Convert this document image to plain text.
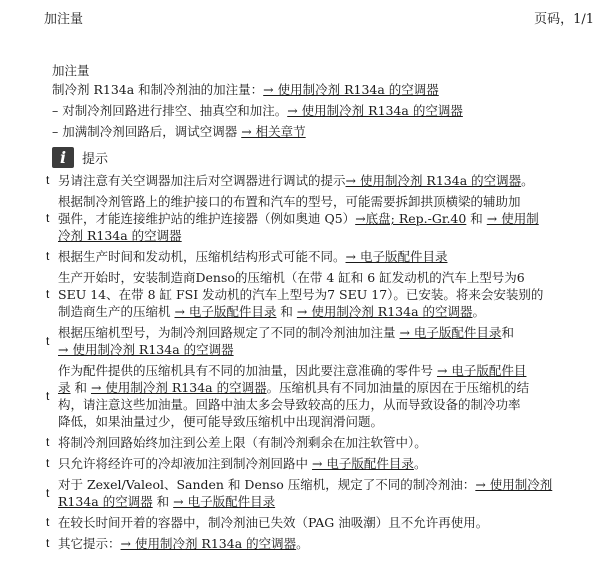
加注量	页码，1/1

加注量

制冷剂 R134a 和制冷剂油的加注量：→ 使用制冷剂 R134a 的空调器

– 对制冷剂回路进行排空、抽真空和加注。→ 使用制冷剂 R134a 的空调器

– 加满制冷剂回路后，调试空调器 → 相关章节

i	提示
t 另请注意有关空调器加注后对空调器进行调试的提示→ 使用制冷剂 R134a 的空调器。
t
根据制冷剂管路上的维护接口的布置和汽车的型号，可能需要拆卸拱顶横梁的辅助加
强件，才能连接维护站的维护连接器（例如奥迪 Q5）→底盘; Rep.-Gr.40 和 → 使用制
冷剂 R134a 的空调器
t 根据生产时间和发动机，压缩机结构形式可能不同。→ 电子版配件目录
t
生产开始时，安装制造商Denso的压缩机（在带 4 缸和 6 缸发动机的汽车上型号为6
SEU 14、在带 8 缸 FSI 发动机的汽车上型号为7 SEU 17）。已安装。将来会安装别的
制造商生产的压缩机 → 电子版配件目录 和 → 使用制冷剂 R134a 的空调器。
t
根据压缩机型号，为制冷剂回路规定了不同的制冷剂油加注量 → 电子版配件目录和
→ 使用制冷剂 R134a 的空调器
t
作为配件提供的压缩机具有不同的加油量，因此要注意准确的零件号 → 电子版配件目
录 和 → 使用制冷剂 R134a 的空调器。压缩机具有不同加油量的原因在于压缩机的结
构，请注意这些加油量。回路中油太多会导致较高的压力，从而导致设备的制冷功率
降低，如果油量过少，便可能导致压缩机中出现润滑问题。
t 将制冷剂回路始终加注到公差上限（有制冷剂剩余在加注软管中）。
t 只允许将经许可的冷却液加注到制冷剂回路中 → 电子版配件目录。
t
对于 Zexel/Valeol、Sanden 和 Denso 压缩机，规定了不同的制冷剂油：→ 使用制冷剂
R134a 的空调器 和 → 电子版配件目录
t 在较长时间开着的容器中，制冷剂油已失效（PAG 油吸潮）且不允许再使用。
t 其它提示：→ 使用制冷剂 R134a 的空调器。
